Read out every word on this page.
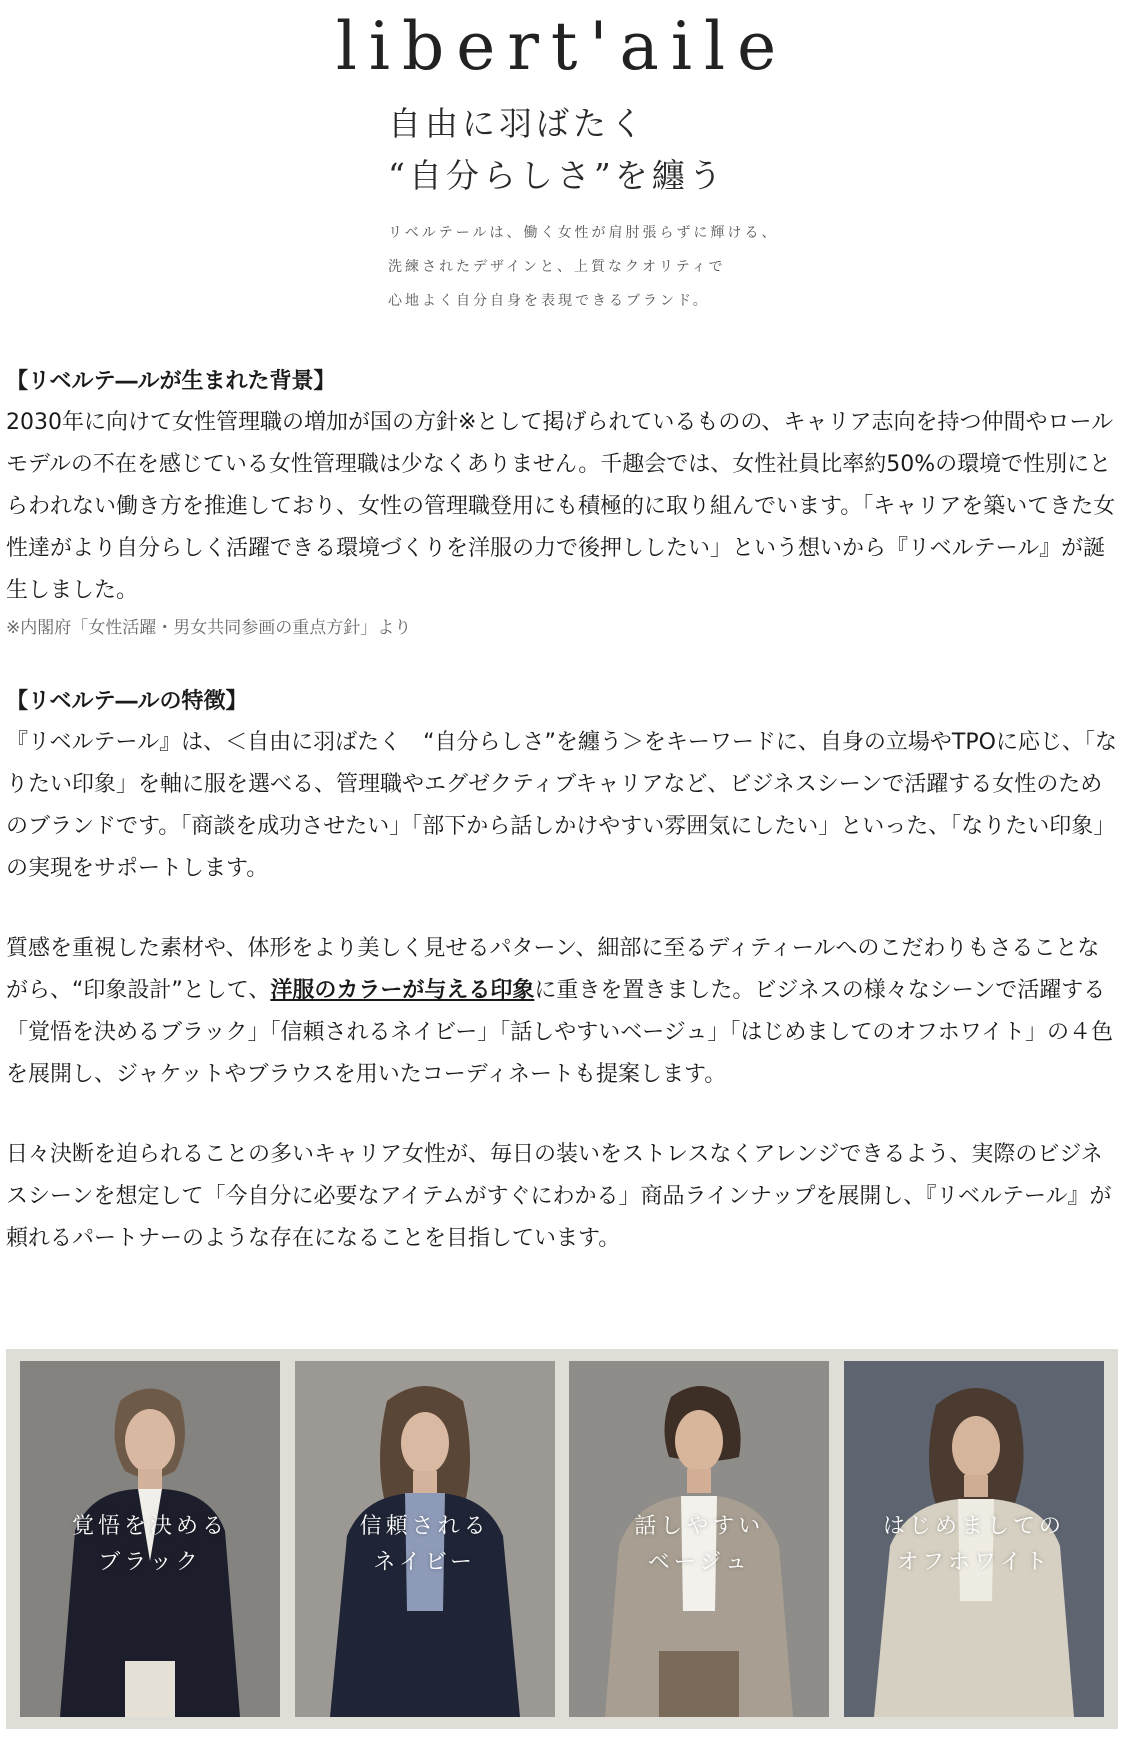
libert'aile
自由に羽ばたく
“自分らしさ”を纏う
リベルテールは、働く女性が肩肘張らずに輝ける、
洗練されたデザインと、上質なクオリティで
心地よく自分自身を表現できるブランド。

【リベルテ―ルが生まれた背景】

2030年に向けて女性管理職の増加が国の方針※として掲げられているものの、キャリア志向を持つ仲間やロールモデルの不在を感じている女性管理職は少なくありません。千趣会では、女性社員比率約50%の環境で性別にとらわれない働き方を推進しており、女性の管理職登用にも積極的に取り組んでいます。「キャリアを築いてきた女性達がより自分らしく活躍できる環境づくりを洋服の力で後押ししたい」という想いから『リベルテール』が誕生しました。

※内閣府「女性活躍・男女共同参画の重点方針」より

【リベルテ―ルの特徴】

『リベルテール』は、＜自由に羽ばたく　“自分らしさ”を纏う＞をキーワードに、自身の立場やTPOに応じ、「なりたい印象」を軸に服を選べる、管理職やエグゼクティブキャリアなど、ビジネスシーンで活躍する女性のためのブランドです。「商談を成功させたい」「部下から話しかけやすい雰囲気にしたい」といった、「なりたい印象」の実現をサポートします。

質感を重視した素材や、体形をより美しく見せるパターン、細部に至るディティールへのこだわりもさることながら、“印象設計”として、洋服のカラーが与える印象に重きを置きました。ビジネスの様々なシーンで活躍する「覚悟を決めるブラック」「信頼されるネイビー」「話しやすいベージュ」「はじめましてのオフホワイト」の４色を展開し、ジャケットやブラウスを用いたコーディネートも提案します。

日々決断を迫られることの多いキャリア女性が、毎日の装いをストレスなくアレンジできるよう、実際のビジネスシーンを想定して「今自分に必要なアイテムがすぐにわかる」商品ラインナップを展開し、『リベルテール』が頼れるパートナーのような存在になることを目指しています。

覚悟を決める
ブラック
信頼される
ネイビー
話しやすい
ベージュ
はじめましての
オフホワイト
